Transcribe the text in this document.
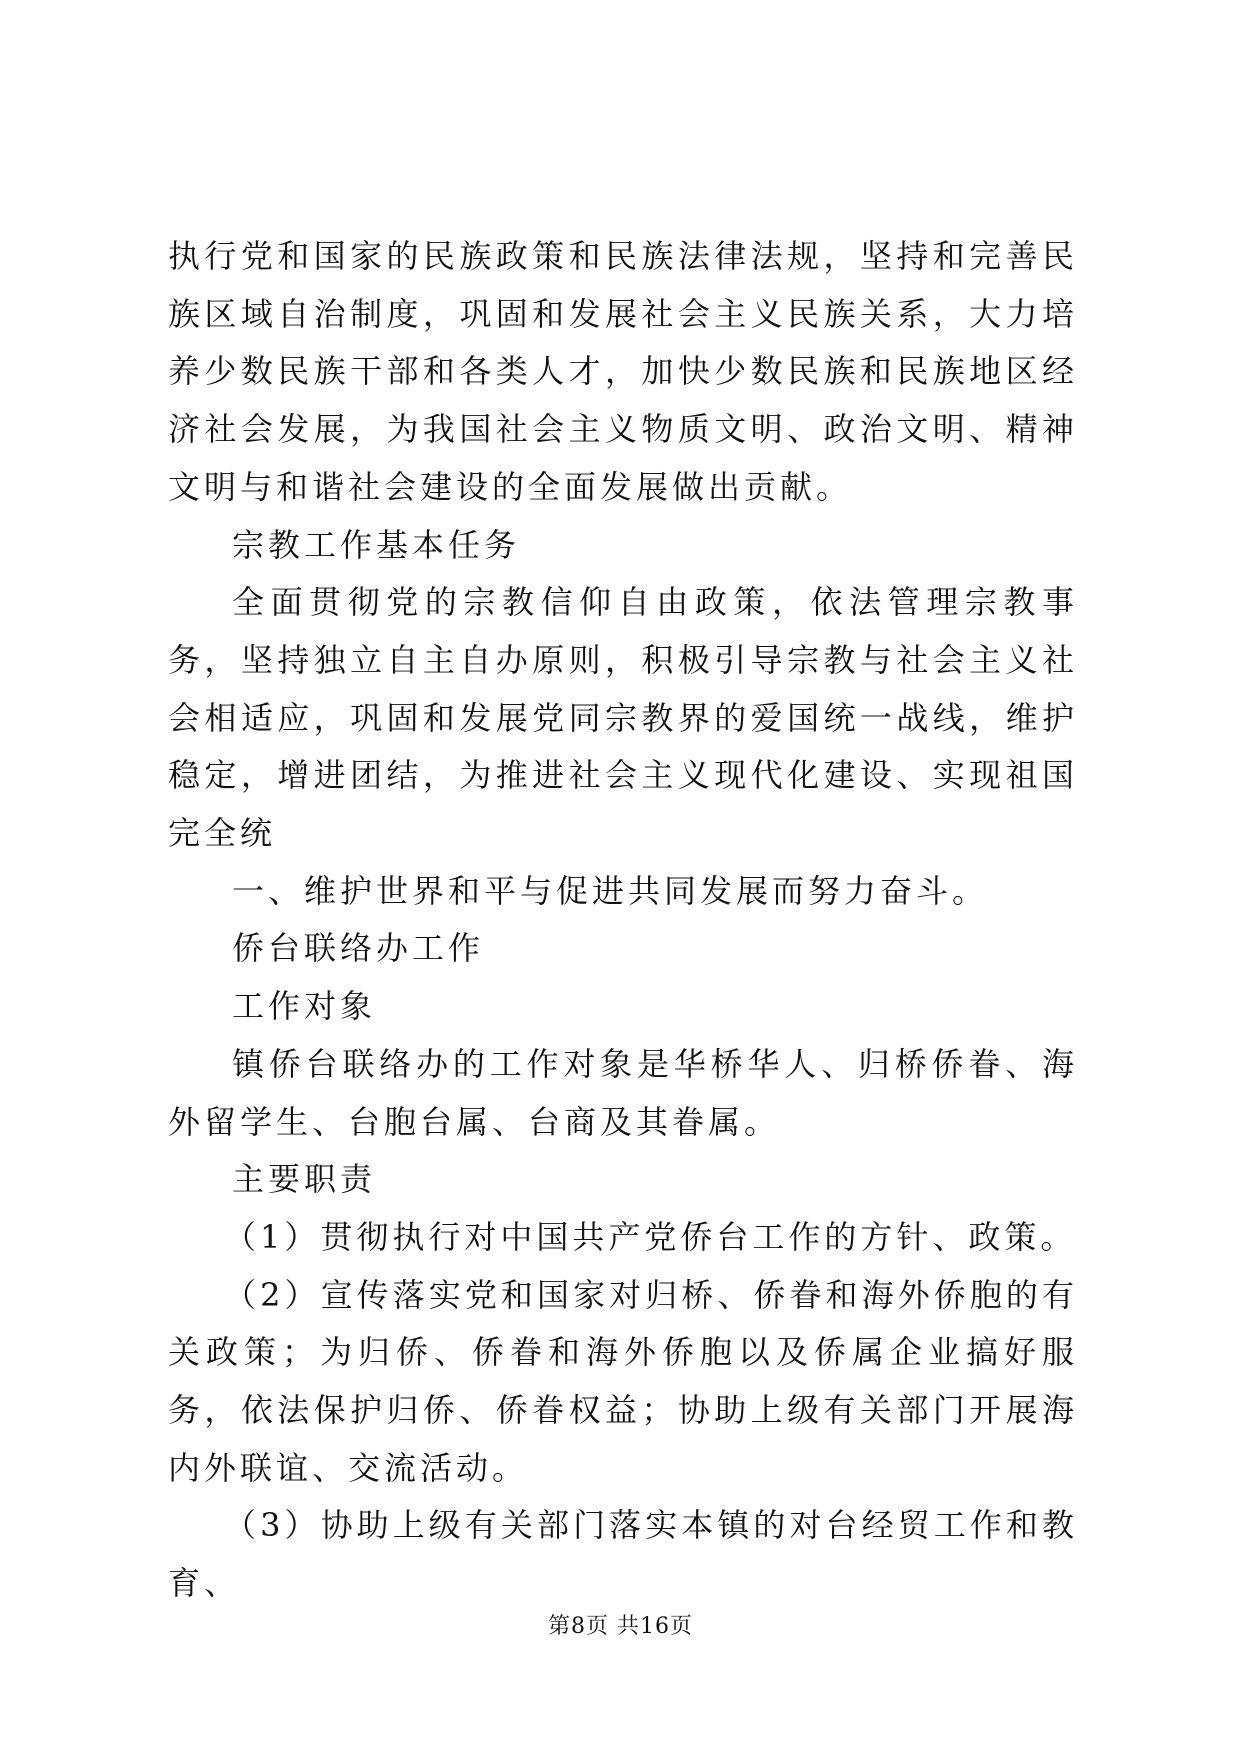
执行党和国家的民族政策和民族法律法规，坚持和完善民族区域自治制度，巩固和发展社会主义民族关系，大力培养少数民族干部和各类人才，加快少数民族和民族地区经济社会发展，为我国社会主义物质文明、政治文明、精神文明与和谐社会建设的全面发展做出贡献。

宗教工作基本任务

全面贯彻党的宗教信仰自由政策，依法管理宗教事务，坚持独立自主自办原则，积极引导宗教与社会主义社会相适应，巩固和发展党同宗教界的爱国统一战线，维护稳定，增进团结，为推进社会主义现代化建设、实现祖国完全统

一、维护世界和平与促进共同发展而努力奋斗。

侨台联络办工作

工作对象

镇侨台联络办的工作对象是华桥华人、归桥侨眷、海外留学生、台胞台属、台商及其眷属。

主要职责

（1）贯彻执行对中国共产党侨台工作的方针、政策。

（2）宣传落实党和国家对归桥、侨眷和海外侨胞的有关政策；为归侨、侨眷和海外侨胞以及侨属企业搞好服务，依法保护归侨、侨眷权益；协助上级有关部门开展海内外联谊、交流活动。

（3）协助上级有关部门落实本镇的对台经贸工作和教育、

第8页 共16页
